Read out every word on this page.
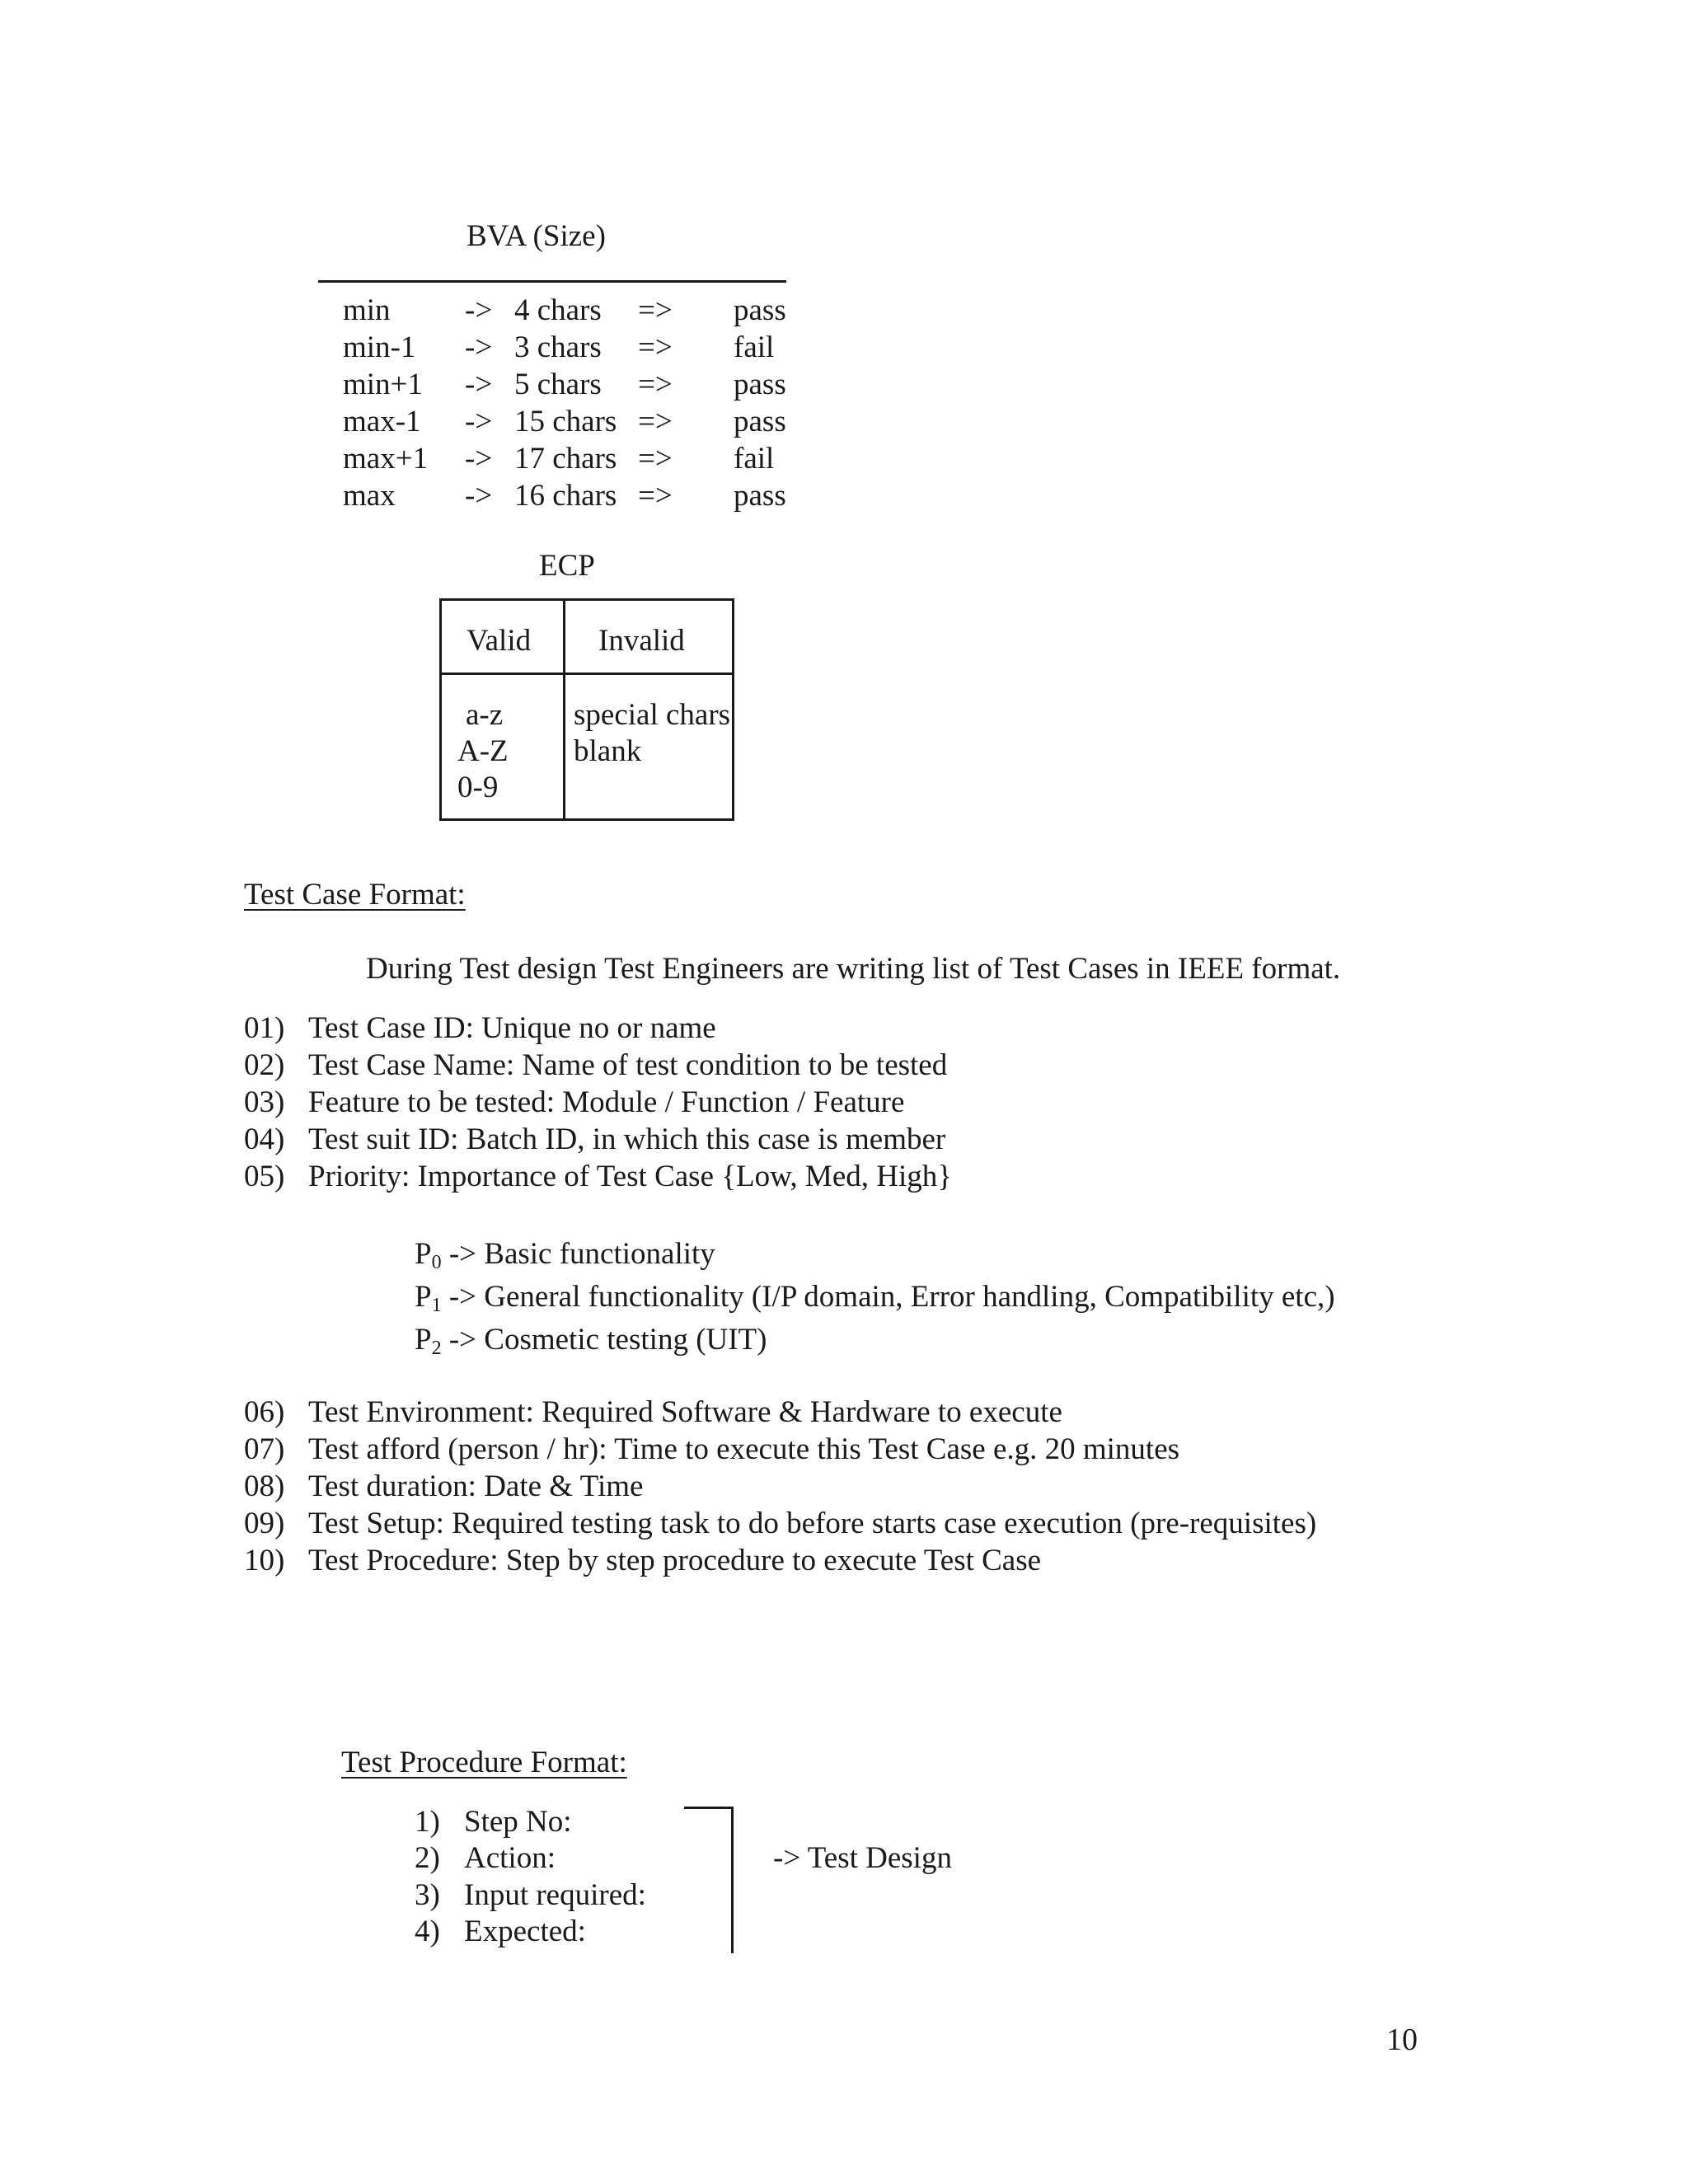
BVA (Size)
min -> 4 chars => pass
min-1 -> 3 chars => fail
min+1 -> 5 chars => pass
max-1 -> 15 chars => pass
max+1 -> 17 chars => fail
max -> 16 chars => pass
ECP
Valid Invalid
a-z
A-Z
0-9
special chars
blank
Test Case Format:
During Test design Test Engineers are writing list of Test Cases in IEEE format.
01) Test Case ID: Unique no or name
02) Test Case Name: Name of test condition to be tested
03) Feature to be tested: Module / Function / Feature
04) Test suit ID: Batch ID, in which this case is member
05) Priority: Importance of Test Case {Low, Med, High}
$P_0$ -> Basic functionality
$P_1$ -> General functionality (I/P domain, Error handling, Compatibility etc,)
$P_2$ -> Cosmetic testing (UIT)
06) Test Environment: Required Software & Hardware to execute
07) Test afford (person / hr): Time to execute this Test Case e.g. 20 minutes
08) Test duration: Date & Time
09) Test Setup: Required testing task to do before starts case execution (pre-requisites)
10) Test Procedure: Step by step procedure to execute Test Case
Test Procedure Format:
1) Step No:
2) Action:
3) Input required:
4) Expected:
-> Test Design
10
